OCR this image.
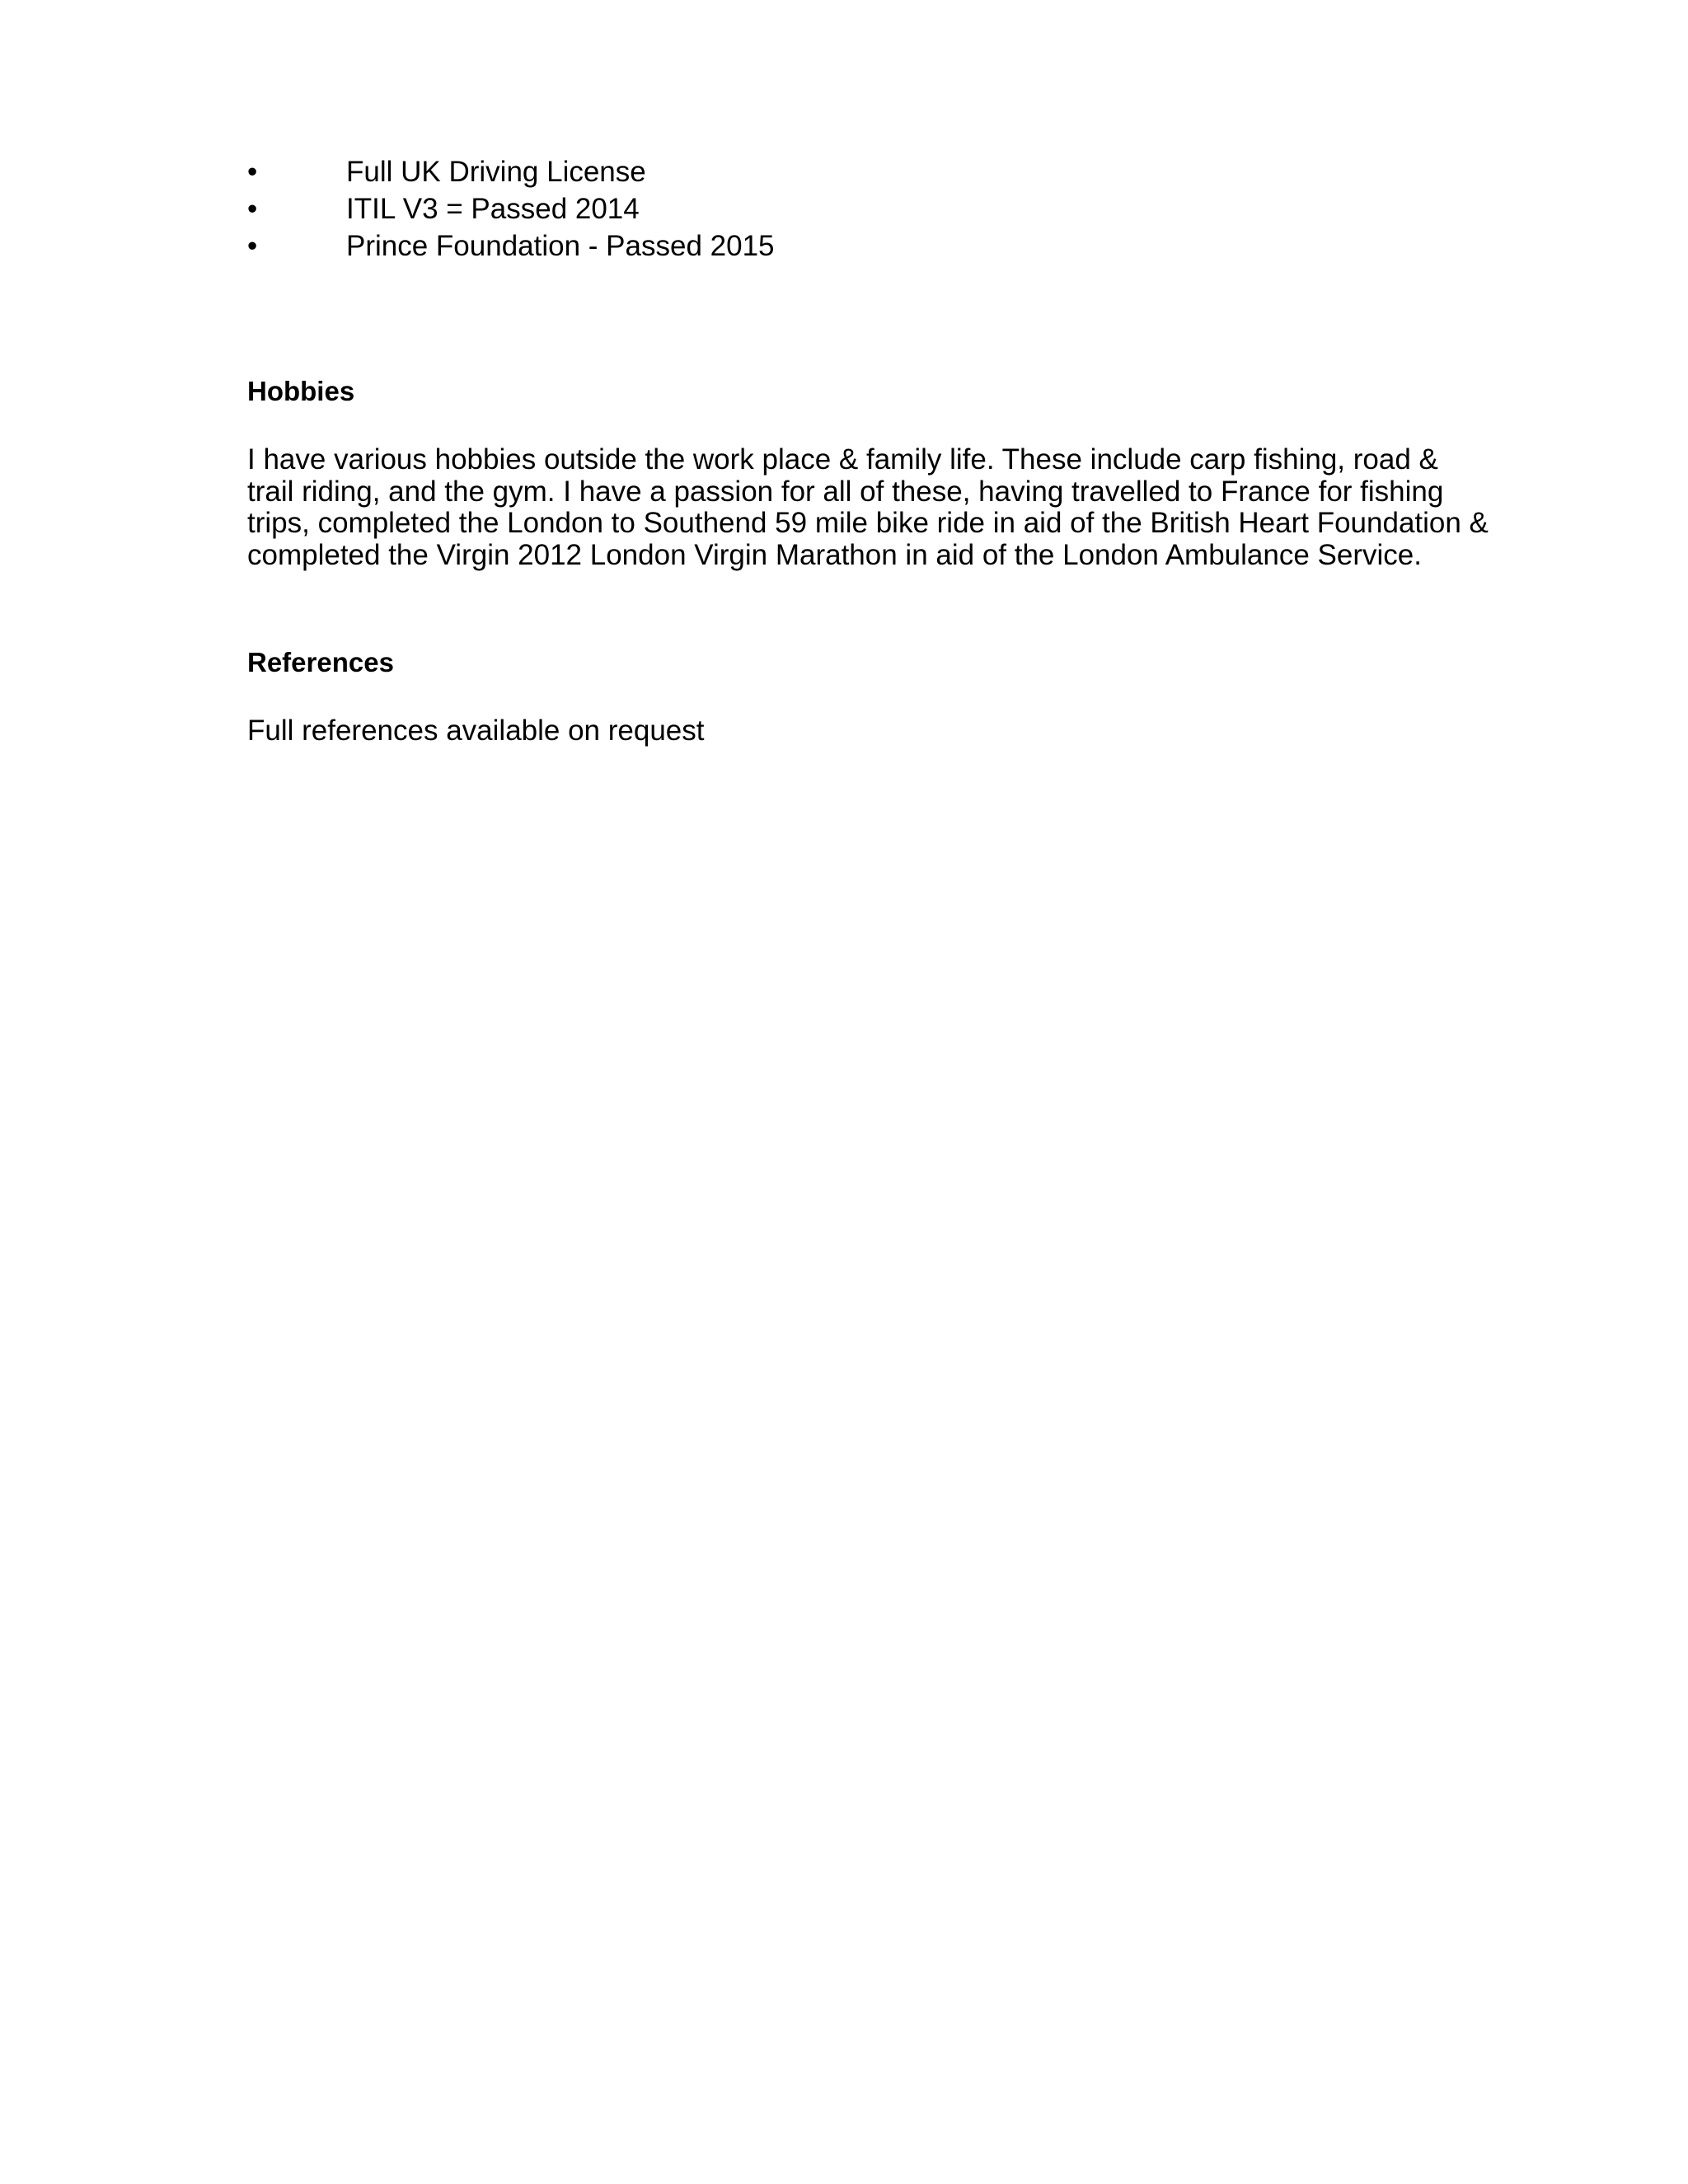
•	Full UK Driving License
•	ITIL V3 = Passed 2014
•	Prince Foundation - Passed 2015
Hobbies

I have various hobbies outside the work place & family life. These include carp fishing, road &
trail riding, and the gym. I have a passion for all of these, having travelled to France for fishing
trips, completed the London to Southend 59 mile bike ride in aid of the British Heart Foundation &
completed the Virgin 2012 London Virgin Marathon in aid of the London Ambulance Service.

References

Full references available on request
